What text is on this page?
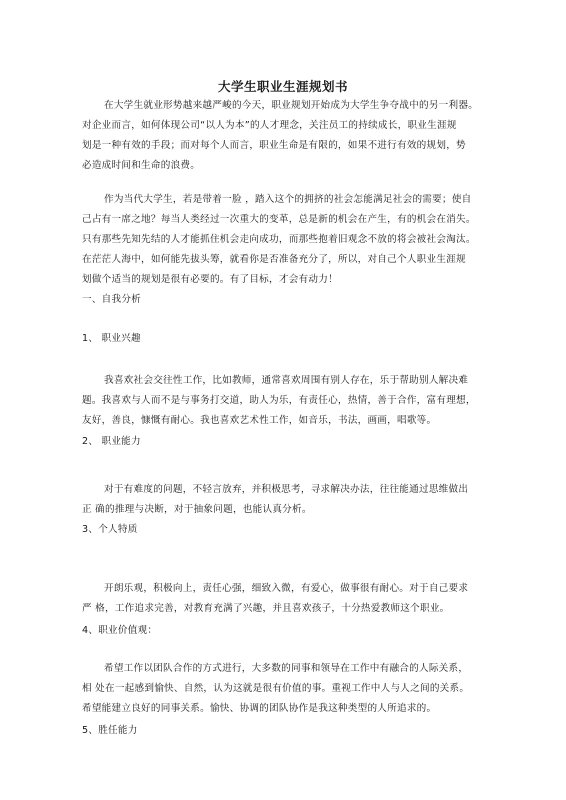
大学生职业生涯规划书
在大学生就业形势越来越严峻的今天，职业规划开始成为大学生争夺战中的另一利器。
对企业而言，如何体现公司“以人为本”的人才理念，关注员工的持续成长，职业生涯规
划是一种有效的手段；而对每个人而言，职业生命是有限的，如果不进行有效的规划，势
必造成时间和生命的浪费。
作为当代大学生，若是带着一脸 ，踏入这个的拥挤的社会怎能满足社会的需要；使自
己占有一席之地？每当人类经过一次重大的变革，总是新的机会在产生，有的机会在消失。
只有那些先知先结的人才能抓住机会走向成功，而那些抱着旧观念不放的将会被社会淘汰。
在茫茫人海中，如何能先拔头筹，就看你是否准备充分了，所以，对自己个人职业生涯规
划做个适当的规划是很有必要的。有了目标，才会有动力！
一、自我分析
1、 职业兴趣
我喜欢社会交往性工作，比如教师，通常喜欢周围有别人存在，乐于帮助别人解决难
题。我喜欢与人而不是与事务打交道，助人为乐，有责任心，热情，善于合作，富有理想，
友好，善良，慷慨有耐心。我也喜欢艺术性工作，如音乐，书法，画画，唱歌等。
2、 职业能力
对于有难度的问题，不轻言放弃，并积极思考，寻求解决办法，往往能通过思维做出
正 确的推理与决断，对于抽象问题，也能认真分析。
3、个人特质
开朗乐观，积极向上，责任心强，细致入微，有爱心，做事很有耐心。对于自己要求
严 格，工作追求完善，对教育充满了兴趣，并且喜欢孩子，十分热爱教师这个职业。
4、职业价值观：
希望工作以团队合作的方式进行，大多数的同事和领导在工作中有融合的人际关系，
相 处在一起感到愉快、自然，认为这就是很有价值的事。重视工作中人与人之间的关系。
希望能建立良好的同事关系。愉快、协调的团队协作是我这种类型的人所追求的。
5、胜任能力
